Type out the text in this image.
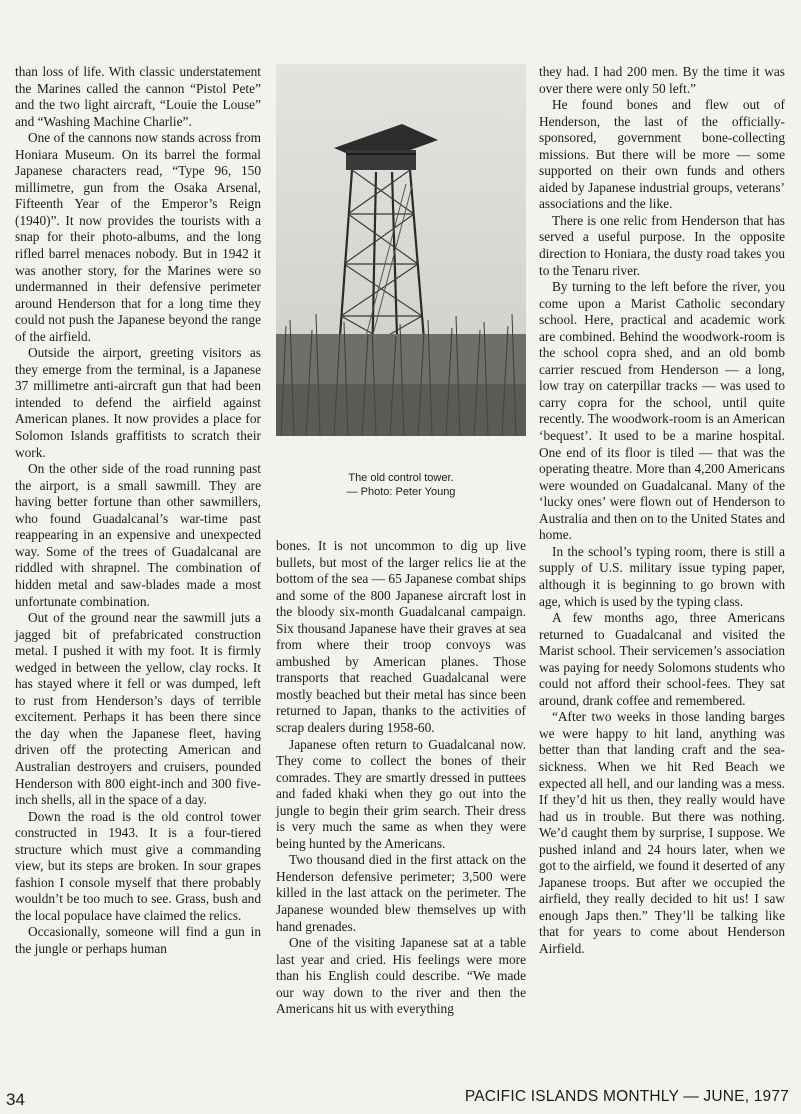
than loss of life. With classic understatement the Marines called the cannon “Pistol Pete” and the two light aircraft, “Louie the Louse” and “Washing Machine Charlie”.

One of the cannons now stands across from Honiara Museum. On its barrel the formal Japanese characters read, “Type 96, 150 millimetre, gun from the Osaka Arsenal, Fifteenth Year of the Emperor’s Reign (1940)”. It now provides the tourists with a snap for their photo-albums, and the long rifled barrel menaces nobody. But in 1942 it was another story, for the Marines were so undermanned in their defensive perimeter around Henderson that for a long time they could not push the Japanese beyond the range of the airfield.

Outside the airport, greeting visitors as they emerge from the terminal, is a Japanese 37 millimetre anti-aircraft gun that had been intended to defend the airfield against American planes. It now provides a place for Solomon Islands graffitists to scratch their work.

On the other side of the road running past the airport, is a small sawmill. They are having better fortune than other sawmillers, who found Guadalcanal’s war-time past reappearing in an expensive and unexpected way. Some of the trees of Guadalcanal are riddled with shrapnel. The combination of hidden metal and saw-blades made a most unfortunate combination.

Out of the ground near the sawmill juts a jagged bit of prefabricated construction metal. I pushed it with my foot. It is firmly wedged in between the yellow, clay rocks. It has stayed where it fell or was dumped, left to rust from Henderson’s days of terrible excitement. Perhaps it has been there since the day when the Japanese fleet, having driven off the protecting American and Australian destroyers and cruisers, pounded Henderson with 800 eight-inch and 300 five-inch shells, all in the space of a day.

Down the road is the old control tower constructed in 1943. It is a four-tiered structure which must give a commanding view, but its steps are broken. In sour grapes fashion I console myself that there probably wouldn’t be too much to see. Grass, bush and the local populace have claimed the relics.

Occasionally, someone will find a gun in the jungle or perhaps human

The old control tower.
— Photo: Peter Young

bones. It is not uncommon to dig up live bullets, but most of the larger relics lie at the bottom of the sea — 65 Japanese combat ships and some of the 800 Japanese aircraft lost in the bloody six-month Guadalcanal campaign. Six thousand Japanese have their graves at sea from where their troop convoys was ambushed by American planes. Those transports that reached Guadalcanal were mostly beached but their metal has since been returned to Japan, thanks to the activities of scrap dealers during 1958-60.

Japanese often return to Guadalcanal now. They come to collect the bones of their comrades. They are smartly dressed in puttees and faded khaki when they go out into the jungle to begin their grim search. Their dress is very much the same as when they were being hunted by the Americans.

Two thousand died in the first attack on the Henderson defensive perimeter; 3,500 were killed in the last attack on the perimeter. The Japanese wounded blew themselves up with hand grenades.

One of the visiting Japanese sat at a table last year and cried. His feelings were more than his English could describe. “We made our way down to the river and then the Americans hit us with everything

they had. I had 200 men. By the time it was over there were only 50 left.”

He found bones and flew out of Henderson, the last of the officially-sponsored, government bone-collecting missions. But there will be more — some supported on their own funds and others aided by Japanese industrial groups, veterans’ associations and the like.

There is one relic from Henderson that has served a useful purpose. In the opposite direction to Honiara, the dusty road takes you to the Tenaru river.

By turning to the left before the river, you come upon a Marist Catholic secondary school. Here, practical and academic work are combined. Behind the woodwork-room is the school copra shed, and an old bomb carrier rescued from Henderson — a long, low tray on caterpillar tracks — was used to carry copra for the school, until quite recently. The woodwork-room is an American ‘bequest’. It used to be a marine hospital. One end of its floor is tiled — that was the operating theatre. More than 4,200 Americans were wounded on Guadalcanal. Many of the ‘lucky ones’ were flown out of Henderson to Australia and then on to the United States and home.

In the school’s typing room, there is still a supply of U.S. military issue typing paper, although it is beginning to go brown with age, which is used by the typing class.

A few months ago, three Americans returned to Guadalcanal and visited the Marist school. Their servicemen’s association was paying for needy Solomons students who could not afford their school-fees. They sat around, drank coffee and remembered.

“After two weeks in those landing barges we were happy to hit land, anything was better than that landing craft and the sea-sickness. When we hit Red Beach we expected all hell, and our landing was a mess. If they’d hit us then, they really would have had us in trouble. But there was nothing. We’d caught them by surprise, I suppose. We pushed inland and 24 hours later, when we got to the airfield, we found it deserted of any Japanese troops. But after we occupied the airfield, they really decided to hit us! I saw enough Japs then.” They’ll be talking like that for years to come about Henderson Airfield.

34	PACIFIC ISLANDS MONTHLY — JUNE, 1977
